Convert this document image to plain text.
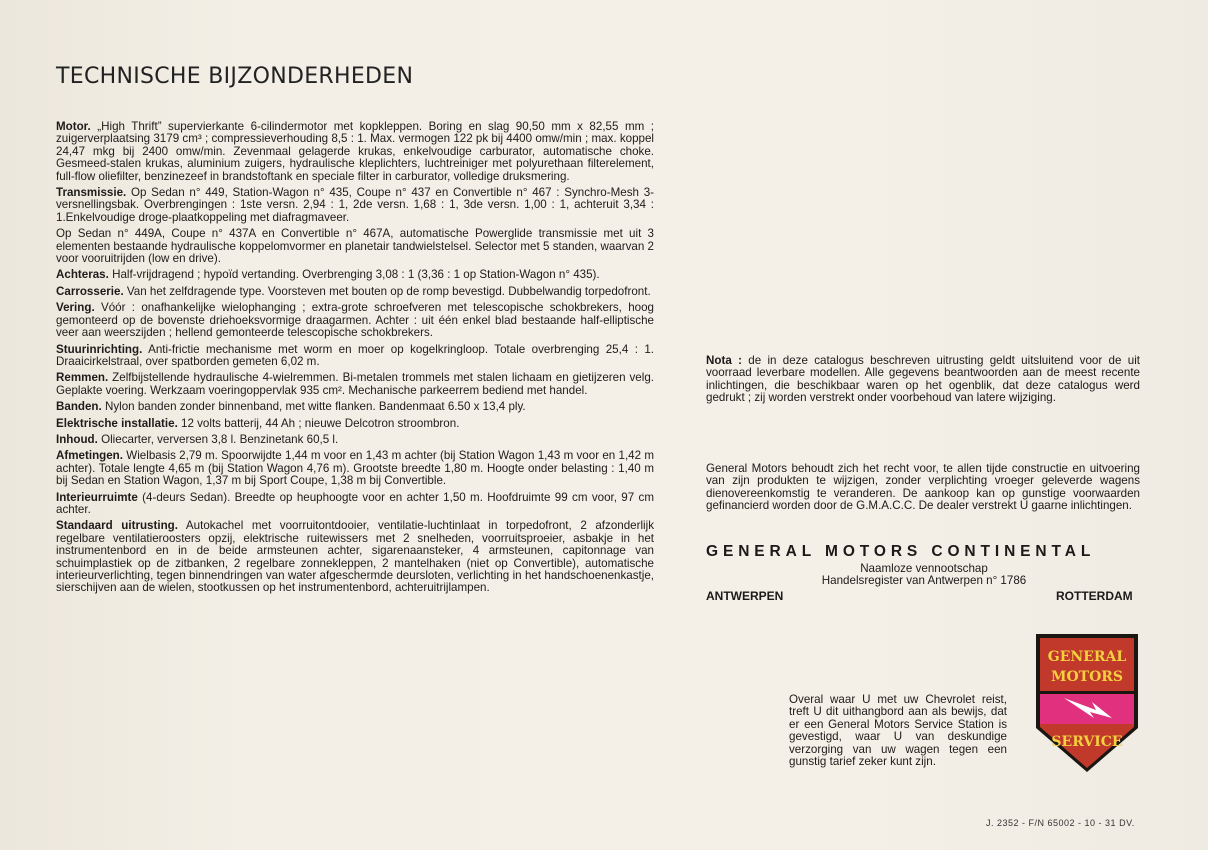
TECHNISCHE BIJZONDERHEDEN

Motor. „High Thrift” supervierkante 6-cilindermotor met kopkleppen. Boring en slag 90,50 mm x 82,55 mm ; zuigerverplaatsing 3179 cm³ ; compressieverhouding 8,5 : 1. Max. vermogen 122 pk bij 4400 omw/min ; max. koppel 24,47 mkg bij 2400 omw/min. Zevenmaal gelagerde krukas, enkelvoudige carburator, automatische choke. Gesmeed-stalen krukas, aluminium zuigers, hydraulische kleplichters, luchtreiniger met polyurethaan filterelement, full-flow oliefilter, benzinezeef in brandstoftank en speciale filter in carburator, volledige druksmering.

Transmissie. Op Sedan n° 449, Station-Wagon n° 435, Coupe n° 437 en Convertible n° 467 : Synchro-Mesh 3-versnellingsbak. Overbrengingen : 1ste versn. 2,94 : 1, 2de versn. 1,68 : 1, 3de versn. 1,00 : 1, achteruit 3,34 : 1.Enkelvoudige droge-plaatkoppeling met diafragmaveer.

Op Sedan n° 449A, Coupe n° 437A en Convertible n° 467A, automatische Powerglide transmissie met uit 3 elementen bestaande hydraulische koppelomvormer en planetair tandwielstelsel. Selector met 5 standen, waarvan 2 voor vooruitrijden (low en drive).

Achteras. Half-vrijdragend ; hypoïd vertanding. Overbrenging 3,08 : 1 (3,36 : 1 op Station-Wagon n° 435).

Carrosserie. Van het zelfdragende type. Voorsteven met bouten op de romp bevestigd. Dubbelwandig torpedofront.

Vering. Vóór : onafhankelijke wielophanging ; extra-grote schroefveren met telescopische schokbrekers, hoog gemonteerd op de bovenste driehoeksvormige draagarmen. Achter : uit één enkel blad bestaande half-elliptische veer aan weerszijden ; hellend gemonteerde telescopische schokbrekers.

Stuurinrichting. Anti-frictie mechanisme met worm en moer op kogelkringloop. Totale overbrenging 25,4 : 1. Draaicirkelstraal, over spatborden gemeten 6,02 m.

Remmen. Zelfbijstellende hydraulische 4-wielremmen. Bi-metalen trommels met stalen lichaam en gietijzeren velg. Geplakte voering. Werkzaam voeringoppervlak 935 cm². Mechanische parkeerrem bediend met handel.

Banden. Nylon banden zonder binnenband, met witte flanken. Bandenmaat 6.50 x 13,4 ply.

Elektrische installatie. 12 volts batterij, 44 Ah ; nieuwe Delcotron stroombron.

Inhoud. Oliecarter, verversen 3,8 l. Benzinetank 60,5 l.

Afmetingen. Wielbasis 2,79 m. Spoorwijdte 1,44 m voor en 1,43 m achter (bij Station Wagon 1,43 m voor en 1,42 m achter). Totale lengte 4,65 m (bij Station Wagon 4,76 m). Grootste breedte 1,80 m. Hoogte onder belasting : 1,40 m bij Sedan en Station Wagon, 1,37 m bij Sport Coupe, 1,38 m bij Convertible.

Interieurruimte (4-deurs Sedan). Breedte op heuphoogte voor en achter 1,50 m. Hoofdruimte 99 cm voor, 97 cm achter.

Standaard uitrusting. Autokachel met voorruitontdooier, ventilatie-luchtinlaat in torpedofront, 2 afzonderlijk regelbare ventilatieroosters opzij, elektrische ruitewissers met 2 snelheden, voorruitsproeier, asbakje in het instrumentenbord en in de beide armsteunen achter, sigarenaansteker, 4 armsteunen, capitonnage van schuimplastiek op de zitbanken, 2 regelbare zonnekleppen, 2 mantelhaken (niet op Convertible), automatische interieurverlichting, tegen binnendringen van water afgeschermde deursloten, verlichting in het handschoenenkastje, sierschijven aan de wielen, stootkussen op het instrumentenbord, achteruitrijlampen.

Nota : de in deze catalogus beschreven uitrusting geldt uitsluitend voor de uit voorraad leverbare modellen. Alle gegevens beantwoorden aan de meest recente inlichtingen, die beschikbaar waren op het ogenblik, dat deze catalogus werd gedrukt ; zij worden verstrekt onder voorbehoud van latere wijziging.

General Motors behoudt zich het recht voor, te allen tijde constructie en uitvoering van zijn produkten te wijzigen, zonder verplichting vroeger geleverde wagens dienovereenkomstig te veranderen. De aankoop kan op gunstige voorwaarden gefinancierd worden door de G.M.A.C.C. De dealer verstrekt U gaarne inlichtingen.

GENERAL MOTORS CONTINENTAL
Naamloze vennootschap
Handelsregister van Antwerpen n° 1786
ANTWERPEN	ROTTERDAM
GENERAL
MOTORS
SERVICE

Overal waar U met uw Chevrolet reist, treft U dit uithangbord aan als bewijs, dat er een General Motors Service Station is gevestigd, waar U van deskundige verzorging van uw wagen tegen een gunstig tarief zeker kunt zijn.

J. 2352 - F/N 65002 - 10 - 31 DV.
